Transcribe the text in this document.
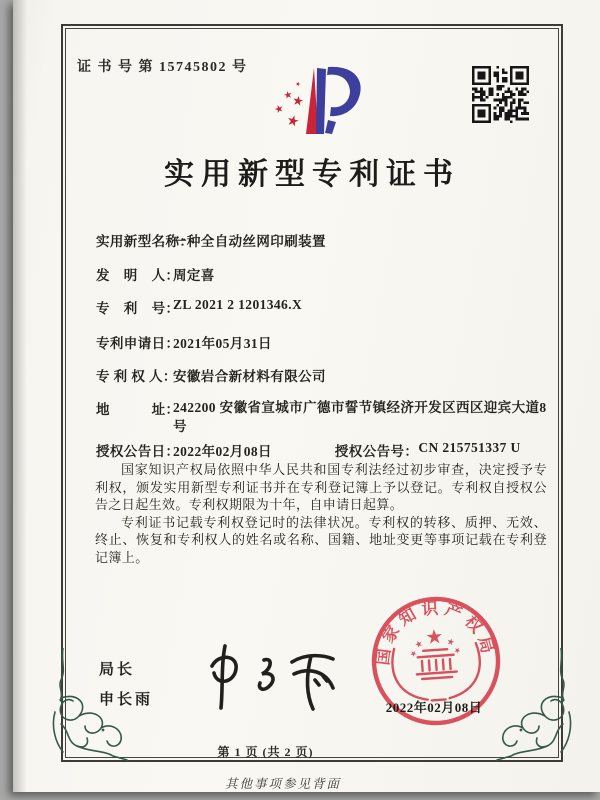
证 书 号 第 15745802 号
实用新型专利证书
实用新型名称：
一种全自动丝网印刷装置
发　明　人：
周定喜
专　利　号：
ZL 2021 2 1201346.X
专利申请日：
2021年05月31日
专 利 权 人：
安徽岩合新材料有限公司
地　　　址：
242200 安徽省宣城市广德市誓节镇经济开发区西区迎宾大道8号
授权公告日：
2022年02月08日	授权公告号： CN 215751337 U

国家知识产权局依照中华人民共和国专利法经过初步审查，决定授予专利权，颁发实用新型专利证书并在专利登记簿上予以登记。专利权自授权公告之日起生效。专利权期限为十年，自申请日起算。

专利证书记载专利权登记时的法律状况。专利权的转移、质押、无效、终止、恢复和专利权人的姓名或名称、国籍、地址变更等事项记载在专利登记簿上。

局长
申长雨
国家知识产权局
2022年02月08日
第 1 页 (共 2 页)
其他事项参见背面
